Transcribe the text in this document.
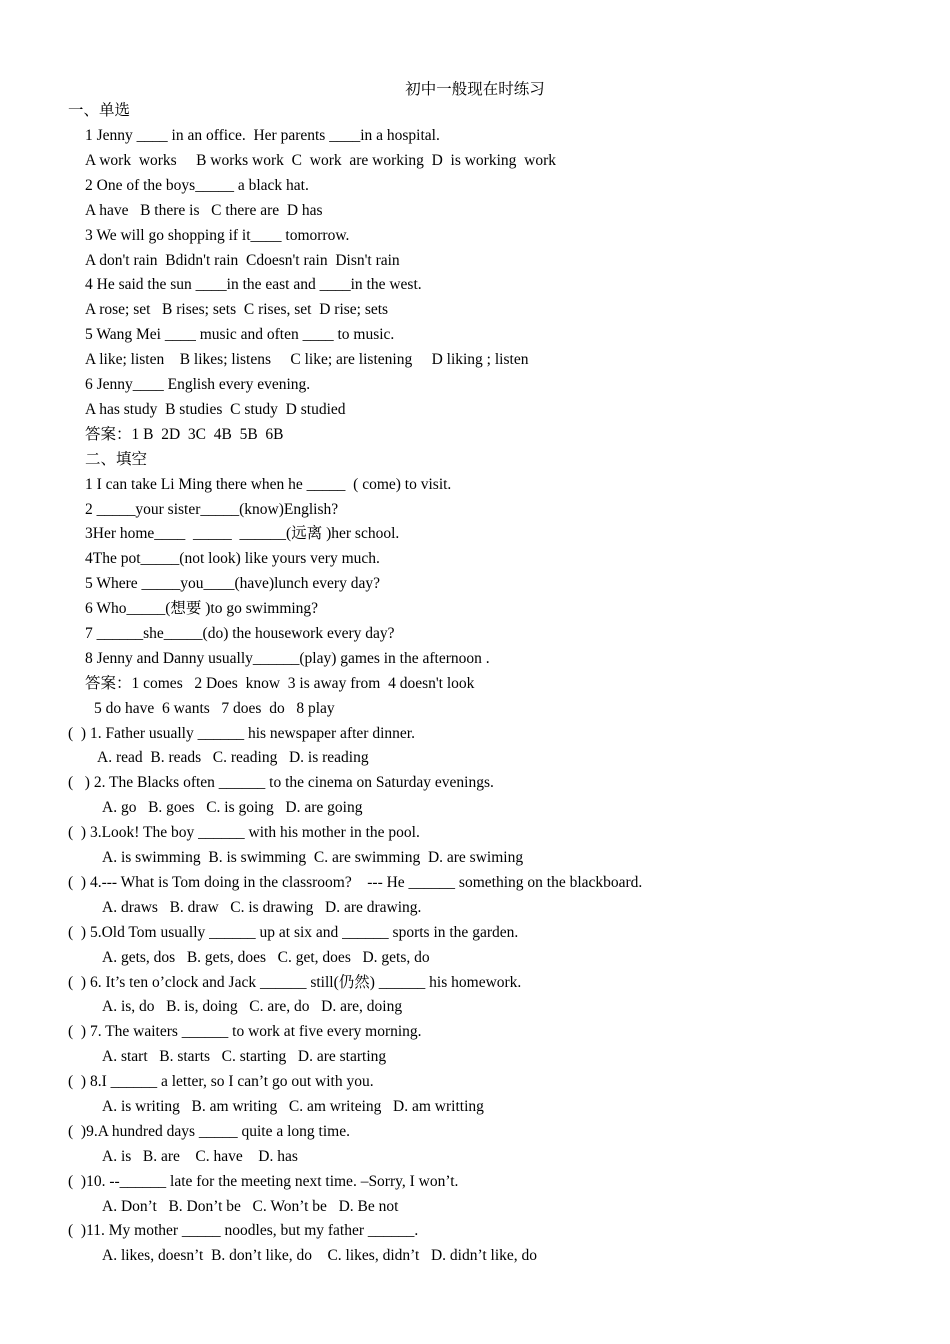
初中一般现在时练习
一、单选
1 Jenny ____ in an office.  Her parents ____in a hospital.
A work  works     B works work  C  work  are working  D  is working  work
2 One of the boys_____ a black hat.
A have   B there is   C there are  D has
3 We will go shopping if it____ tomorrow.
A don't rain  Bdidn't rain  Cdoesn't rain  Disn't rain
4 He said the sun ____in the east and ____in the west.
A rose; set   B rises; sets  C rises, set  D rise; sets
5 Wang Mei ____ music and often ____ to music.
A like; listen    B likes; listens     C like; are listening     D liking ; listen
6 Jenny____ English every evening.
A has study  B studies  C study  D studied
答案：1 B  2D  3C  4B  5B  6B
二、填空
1 I can take Li Ming there when he _____  ( come) to visit.
2 _____your sister_____(know)English?
3Her home____  _____  ______(远离 )her school.
4The pot_____(not look) like yours very much.
5 Where _____you____(have)lunch every day?
6 Who_____(想要 )to go swimming?
7 ______she_____(do) the housework every day?
8 Jenny and Danny usually______(play) games in the afternoon .
答案：1 comes   2 Does  know  3 is away from  4 doesn't look
5 do have  6 wants   7 does  do   8 play
(  ) 1. Father usually ______ his newspaper after dinner.
A. read  B. reads   C. reading   D. is reading
(   ) 2. The Blacks often ______ to the cinema on Saturday evenings.
A. go   B. goes   C. is going   D. are going
(  ) 3.Look! The boy ______ with his mother in the pool.
A. is swimming  B. is swimming  C. are swimming  D. are swiming
(  ) 4.--- What is Tom doing in the classroom?    --- He ______ something on the blackboard.
A. draws   B. draw   C. is drawing   D. are drawing.
(  ) 5.Old Tom usually ______ up at six and ______ sports in the garden.
A. gets, dos   B. gets, does   C. get, does   D. gets, do
(  ) 6. It’s ten o’clock and Jack ______ still(仍然) ______ his homework.
A. is, do   B. is, doing   C. are, do   D. are, doing
(  ) 7. The waiters ______ to work at five every morning.
A. start   B. starts   C. starting   D. are starting
(  ) 8.I ______ a letter, so I can’t go out with you.
A. is writing   B. am writing   C. am writeing   D. am writting
(  )9.A hundred days _____ quite a long time.
A. is   B. are    C. have    D. has
(  )10. --______ late for the meeting next time. –Sorry, I won’t.
A. Don’t   B. Don’t be   C. Won’t be   D. Be not
(  )11. My mother _____ noodles, but my father ______.
A. likes, doesn’t  B. don’t like, do    C. likes, didn’t   D. didn’t like, do
